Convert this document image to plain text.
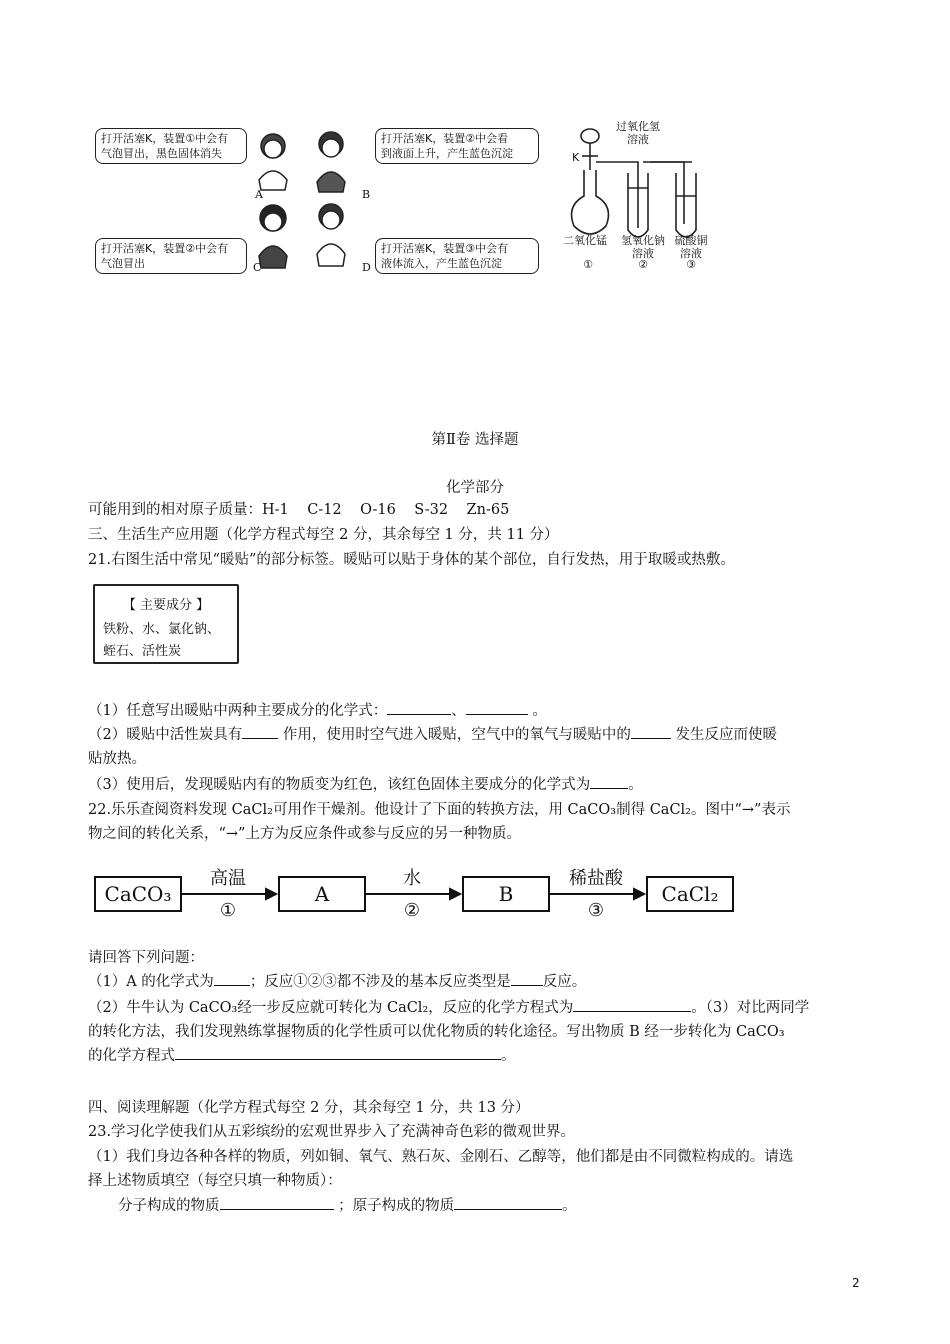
打开活塞K，装置①中会有
气泡冒出，黑色固体消失
打开活塞K，装置②中会看
到液面上升，产生蓝色沉淀
打开活塞K，装置②中会有
气泡冒出
打开活塞K，装置③中会有
液体流入，产生蓝色沉淀
A	B
C	D
过氧化氢
溶液
K
二氧化锰 氢氧化钠
溶液
硫酸铜
溶液
①	②	③
第Ⅱ卷 选择题
化学部分
可能用到的相对原子质量：H-1    C-12    O-16    S-32    Zn-65
三、生活生产应用题（化学方程式每空 2 分，其余每空 1 分，共 11 分）
21.右图生活中常见“暖贴”的部分标签。暖贴可以贴于身体的某个部位，自行发热，用于取暖或热敷。
【 主要成分 】
铁粉、水、氯化钠、
蛭石、活性炭
（1）任意写出暖贴中两种主要成分的化学式：	、	。
（2）暖贴中活性炭具有 作用，使用时空气进入暖贴，空气中的氧气与暖贴中的	发生反应而使暖
贴放热。
（3）使用后，发现暖贴内有的物质变为红色，该红色固体主要成分的化学式为	。
22.乐乐查阅资料发现 CaCl₂可用作干燥剂。他设计了下面的转换方法，用 CaCO₃制得 CaCl₂。图中“→”表示
物之间的转化关系，“→”上方为反应条件或参与反应的另一种物质。
CaCO₃	A	B	CaCl₂
高温	水	稀盐酸
①	②	③
请回答下列问题：
（1）A 的化学式为 ；反应①②③都不涉及的基本反应类型是 反应。
（2）牛牛认为 CaCO₃经一步反应就可转化为 CaCl₂，反应的化学方程式为	。（3）对比两同学
的转化方法，我们发现熟练掌握物质的化学性质可以优化物质的转化途径。写出物质 B 经一步转化为 CaCO₃
的化学方程式	。
四、阅读理解题（化学方程式每空 2 分，其余每空 1 分，共 13 分）
23.学习化学使我们从五彩缤纷的宏观世界步入了充满神奇色彩的微观世界。
（1）我们身边各种各样的物质，列如铜、氧气、熟石灰、金刚石、乙醇等，他们都是由不同微粒构成的。请选
择上述物质填空（每空只填一种物质）：
分子构成的物质	；原子构成的物质	。
2
